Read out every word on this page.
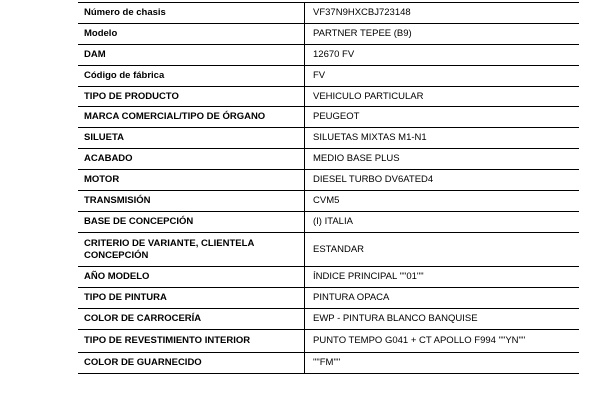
Número de chasis	VF37N9HXCBJ723148
Modelo	PARTNER TEPEE (B9)
DAM	12670 FV
Código de fábrica	FV
TIPO DE PRODUCTO	VEHICULO PARTICULAR
MARCA COMERCIAL/TIPO DE ÓRGANO	PEUGEOT
SILUETA	SILUETAS MIXTAS M1-N1
ACABADO	MEDIO BASE PLUS
MOTOR	DIESEL TURBO DV6ATED4
TRANSMISIÓN	CVM5
BASE DE CONCEPCIÓN	(I) ITALIA
CRITERIO DE VARIANTE, CLIENTELA CONCEPCIÓN	ESTANDAR
AÑO MODELO	ÍNDICE PRINCIPAL ""01""
TIPO DE PINTURA	PINTURA OPACA
COLOR DE CARROCERÍA	EWP - PINTURA BLANCO BANQUISE
TIPO DE REVESTIMIENTO INTERIOR	PUNTO TEMPO G041 + CT APOLLO F994 ""YN""
COLOR DE GUARNECIDO	""FM""
